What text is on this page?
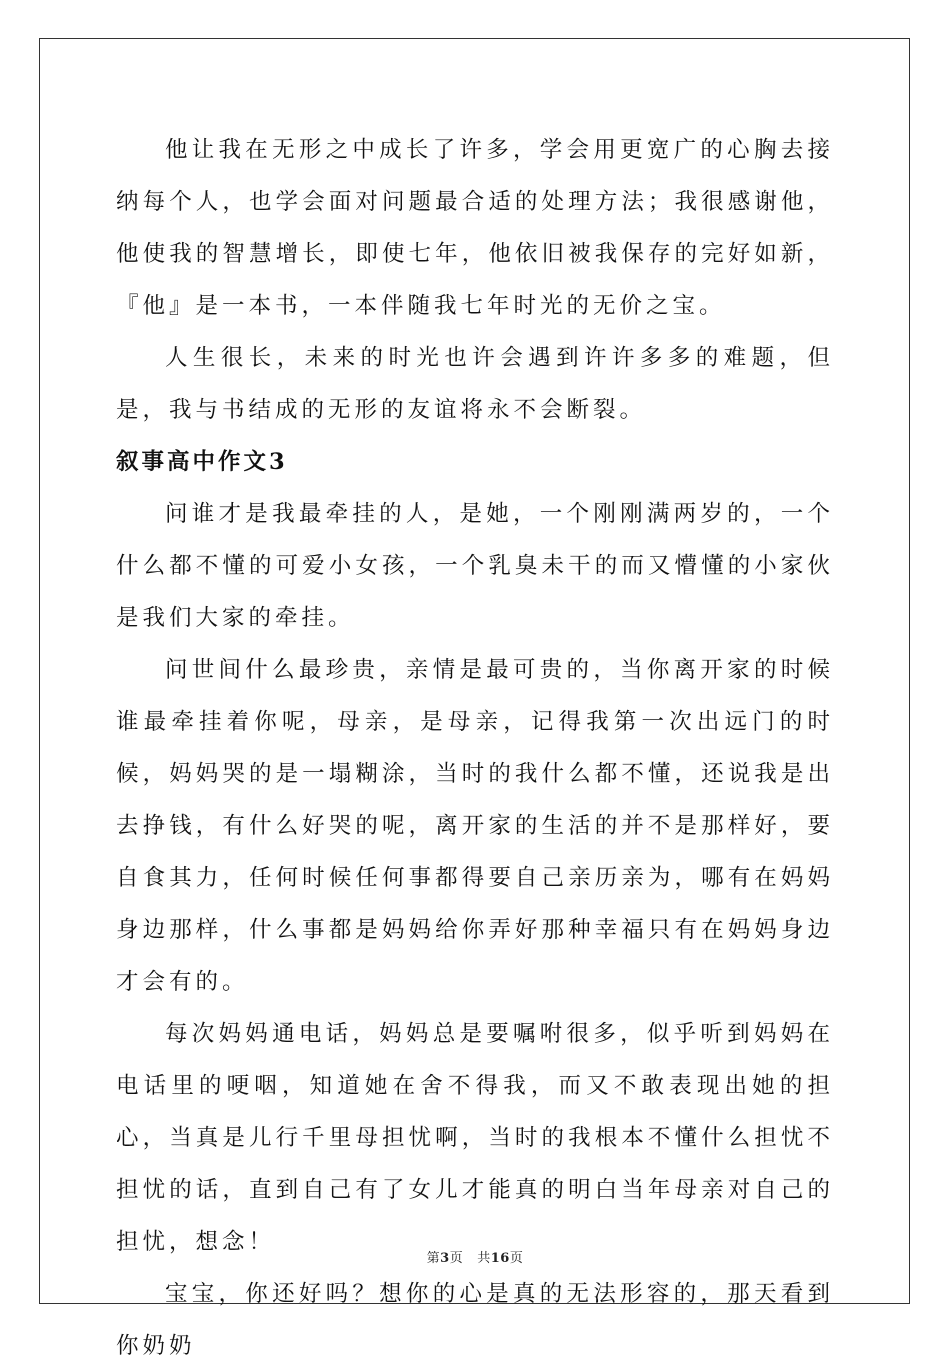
他让我在无形之中成长了许多，学会用更宽广的心胸去接纳每个人，也学会面对问题最合适的处理方法；我很感谢他，他使我的智慧增长，即使七年，他依旧被我保存的完好如新，『他』是一本书，一本伴随我七年时光的无价之宝。

人生很长，未来的时光也许会遇到许许多多的难题，但是，我与书结成的无形的友谊将永不会断裂。

叙事高中作文3

问谁才是我最牵挂的人，是她，一个刚刚满两岁的，一个什么都不懂的可爱小女孩，一个乳臭未干的而又懵懂的小家伙是我们大家的牵挂。

问世间什么最珍贵，亲情是最可贵的，当你离开家的时候谁最牵挂着你呢，母亲，是母亲，记得我第一次出远门的时候，妈妈哭的是一塌糊涂，当时的我什么都不懂，还说我是出去挣钱，有什么好哭的呢，离开家的生活的并不是那样好，要自食其力，任何时候任何事都得要自己亲历亲为，哪有在妈妈身边那样，什么事都是妈妈给你弄好那种幸福只有在妈妈身边才会有的。

每次妈妈通电话，妈妈总是要嘱咐很多，似乎听到妈妈在电话里的哽咽，知道她在舍不得我，而又不敢表现出她的担心，当真是儿行千里母担忧啊，当时的我根本不懂什么担忧不担忧的话，直到自己有了女儿才能真的明白当年母亲对自己的担忧，想念！

宝宝，你还好吗？想你的心是真的无法形容的，那天看到你奶奶

第3页 共16页
